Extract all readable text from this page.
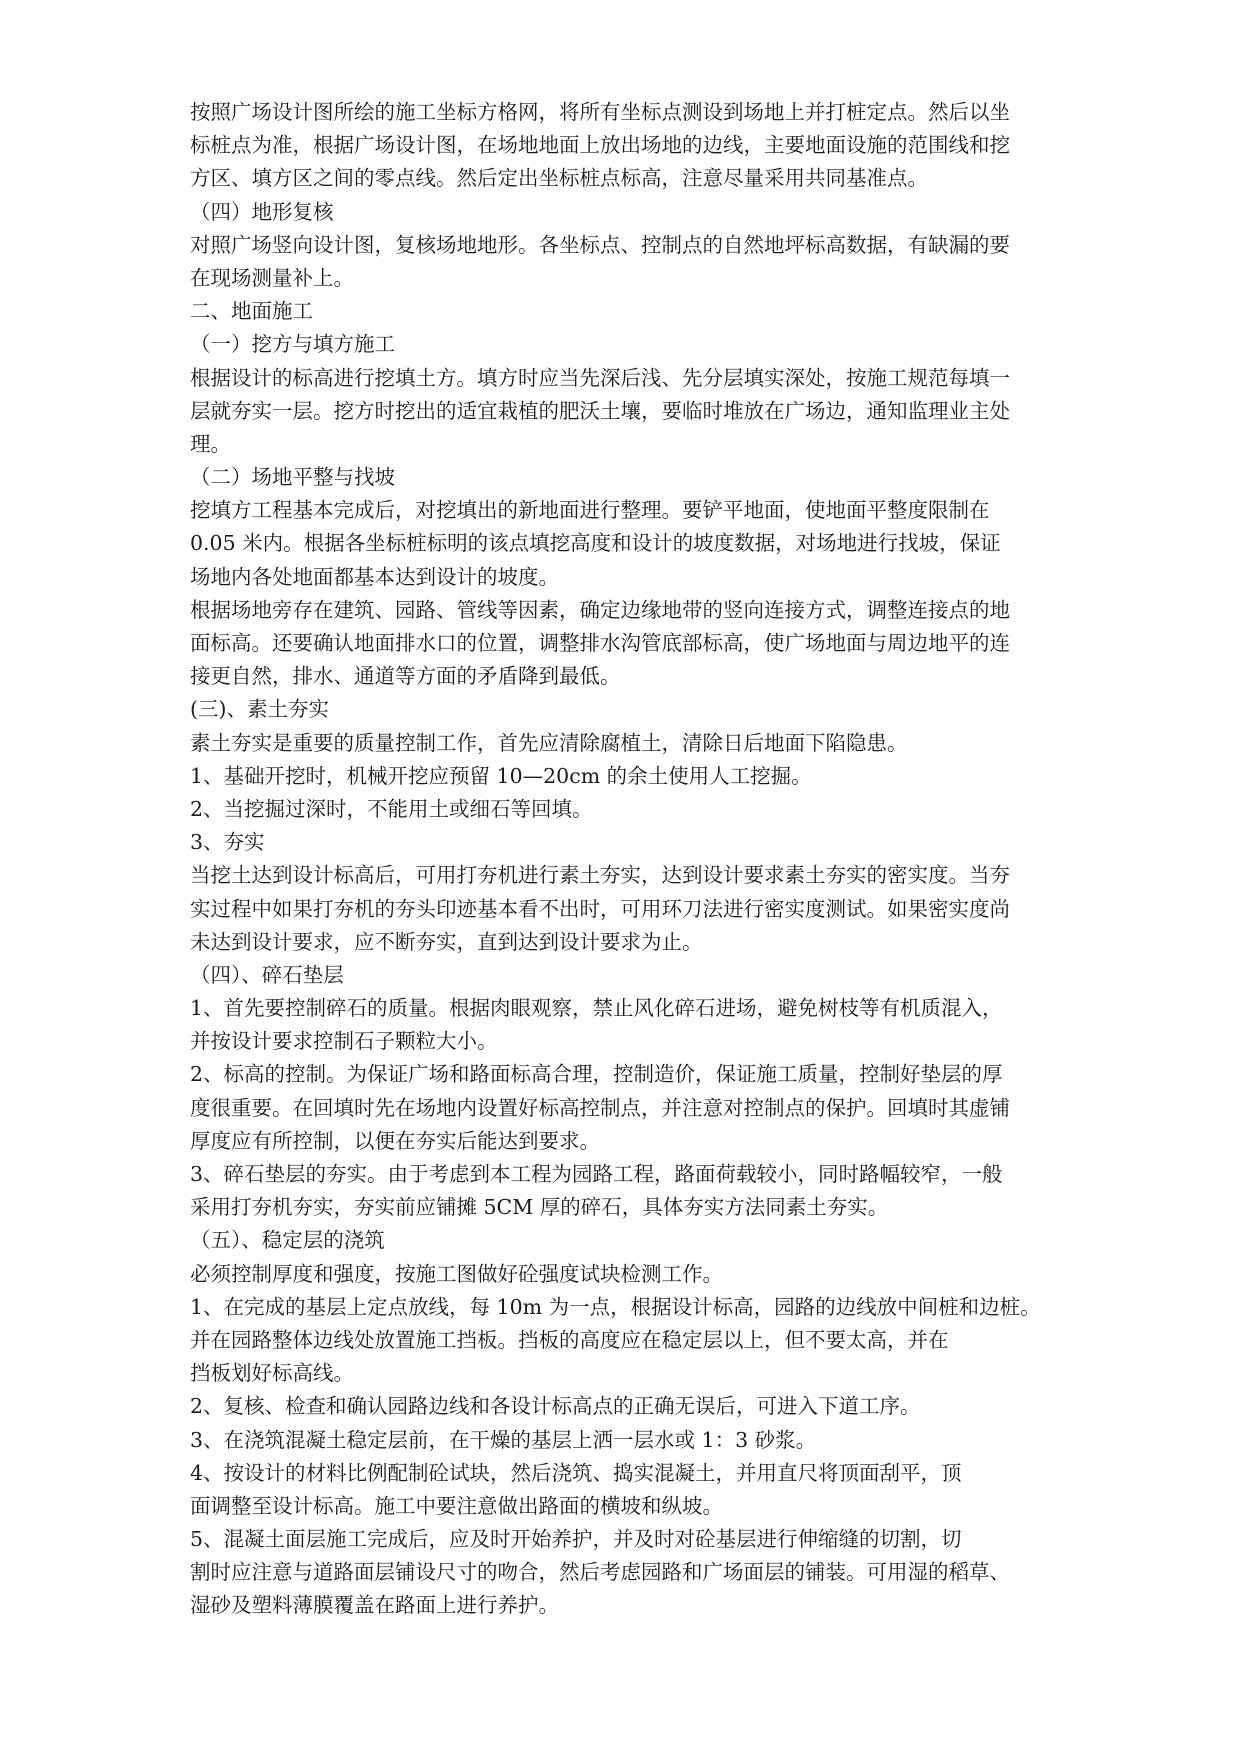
按照广场设计图所绘的施工坐标方格网，将所有坐标点测设到场地上并打桩定点。然后以坐
标桩点为准，根据广场设计图，在场地地面上放出场地的边线，主要地面设施的范围线和挖
方区、填方区之间的零点线。然后定出坐标桩点标高，注意尽量采用共同基准点。
（四）地形复核
对照广场竖向设计图，复核场地地形。各坐标点、控制点的自然地坪标高数据，有缺漏的要
在现场测量补上。
二、地面施工
（一）挖方与填方施工
根据设计的标高进行挖填土方。填方时应当先深后浅、先分层填实深处，按施工规范每填一
层就夯实一层。挖方时挖出的适宜栽植的肥沃土壤，要临时堆放在广场边，通知监理业主处
理。
（二）场地平整与找坡
挖填方工程基本完成后，对挖填出的新地面进行整理。要铲平地面，使地面平整度限制在
0.05 米内。根据各坐标桩标明的该点填挖高度和设计的坡度数据，对场地进行找坡，保证
场地内各处地面都基本达到设计的坡度。
根据场地旁存在建筑、园路、管线等因素，确定边缘地带的竖向连接方式，调整连接点的地
面标高。还要确认地面排水口的位置，调整排水沟管底部标高，使广场地面与周边地平的连
接更自然，排水、通道等方面的矛盾降到最低。
(三)、素土夯实
素土夯实是重要的质量控制工作，首先应清除腐植土，清除日后地面下陷隐患。
1、基础开挖时，机械开挖应预留 10—20cm 的余土使用人工挖掘。
2、当挖掘过深时，不能用土或细石等回填。
3、夯实
当挖土达到设计标高后，可用打夯机进行素土夯实，达到设计要求素土夯实的密实度。当夯
实过程中如果打夯机的夯头印迹基本看不出时，可用环刀法进行密实度测试。如果密实度尚
未达到设计要求，应不断夯实，直到达到设计要求为止。
（四）、碎石垫层
1、首先要控制碎石的质量。根据肉眼观察，禁止风化碎石进场，避免树枝等有机质混入，
并按设计要求控制石子颗粒大小。
2、标高的控制。为保证广场和路面标高合理，控制造价，保证施工质量，控制好垫层的厚
度很重要。在回填时先在场地内设置好标高控制点，并注意对控制点的保护。回填时其虚铺
厚度应有所控制，以便在夯实后能达到要求。
3、碎石垫层的夯实。由于考虑到本工程为园路工程，路面荷载较小，同时路幅较窄，一般
采用打夯机夯实，夯实前应铺摊 5CM 厚的碎石，具体夯实方法同素土夯实。
（五）、稳定层的浇筑
必须控制厚度和强度，按施工图做好砼强度试块检测工作。
1、在完成的基层上定点放线，每 10m 为一点，根据设计标高，园路的边线放中间桩和边桩。
并在园路整体边线处放置施工挡板。挡板的高度应在稳定层以上，但不要太高，并在
挡板划好标高线。
2、复核、检查和确认园路边线和各设计标高点的正确无误后，可进入下道工序。
3、在浇筑混凝土稳定层前，在干燥的基层上洒一层水或 1：3 砂浆。
4、按设计的材料比例配制砼试块，然后浇筑、捣实混凝土，并用直尺将顶面刮平，顶
面调整至设计标高。施工中要注意做出路面的横坡和纵坡。
5、混凝土面层施工完成后，应及时开始养护，并及时对砼基层进行伸缩缝的切割，切
割时应注意与道路面层铺设尺寸的吻合，然后考虑园路和广场面层的铺装。可用湿的稻草、
湿砂及塑料薄膜覆盖在路面上进行养护。
